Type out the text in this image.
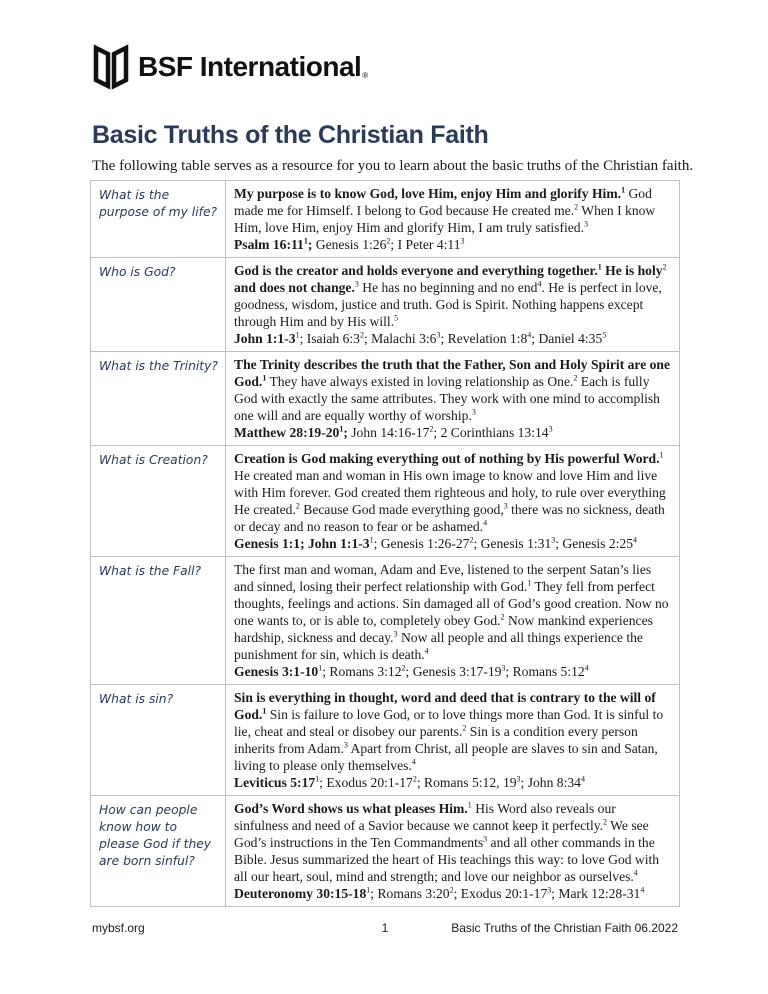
BSF International ®
Basic Truths of the Christian Faith

The following table serves as a resource for you to learn about the basic truths of the Christian faith.

What is the purpose of my life?	My purpose is to know God, love Him, enjoy Him and glorify Him.$^1$ God made me for Himself. I belong to God because He created me.$^2$ When I know Him, love Him, enjoy Him and glorify Him, I am truly satisfied.$^3$
Psalm $16:11^1$; Genesis $1:26^2$; I Peter $4:11^3$
Who is God?	God is the creator and holds everyone and everything together.$^1$ He is holy$^2$ and does not change.$^3$ He has no beginning and no end$^4$. He is perfect in love, goodness, wisdom, justice and truth. God is Spirit. Nothing happens except through Him and by His will.$^5$
John $1:1-3^1$; Isaiah $6:3^2$; Malachi $3:6^3$; Revelation $1:8^4$; Daniel $4:35^5$
What is the Trinity?	The Trinity describes the truth that the Father, Son and Holy Spirit are one God.$^1$ They have always existed in loving relationship as One.$^2$ Each is fully God with exactly the same attributes. They work with one mind to accomplish one will and are equally worthy of worship.$^3$
Matthew $28:19-20^1$; John $14:16-17^2$; 2 Corinthians $13:14^3$
What is Creation?	Creation is God making everything out of nothing by His powerful Word.$^1$ He created man and woman in His own image to know and love Him and live with Him forever. God created them righteous and holy, to rule over everything He created.$^2$ Because God made everything good,$^3$ there was no sickness, death or decay and no reason to fear or be ashamed.$^4$
Genesis 1:1; John $1:1-3^1$; Genesis $1:26-27^2$; Genesis $1:31^3$; Genesis $2:25^4$
What is the Fall?	The first man and woman, Adam and Eve, listened to the serpent Satan’s lies and sinned, losing their perfect relationship with God.$^1$ They fell from perfect thoughts, feelings and actions. Sin damaged all of God’s good creation. Now no one wants to, or is able to, completely obey God.$^2$ Now mankind experiences hardship, sickness and decay.$^3$ Now all people and all things experience the punishment for sin, which is death.$^4$
Genesis $3:1-10^1$; Romans $3:12^2$; Genesis $3:17-19^3$; Romans $5:12^4$
What is sin?	Sin is everything in thought, word and deed that is contrary to the will of God.$^1$ Sin is failure to love God, or to love things more than God. It is sinful to lie, cheat and steal or disobey our parents.$^2$ Sin is a condition every person inherits from Adam.$^3$ Apart from Christ, all people are slaves to sin and Satan, living to please only themselves.$^4$
Leviticus $5:17^1$; Exodus $20:1-17^2$; Romans 5:12, $19^3$; John $8:34^4$
How can people know how to please God if they are born sinful?	God’s Word shows us what pleases Him.$^1$ His Word also reveals our sinfulness and need of a Savior because we cannot keep it perfectly.$^2$ We see God’s instructions in the Ten Commandments$^3$ and all other commands in the Bible. Jesus summarized the heart of His teachings this way: to love God with all our heart, soul, mind and strength; and love our neighbor as ourselves.$^4$
Deuteronomy $30:15-18^1$; Romans $3:20^2$; Exodus $20:1-17^3$; Mark $12:28-31^4$
mybsf.org	1	Basic Truths of the Christian Faith 06.2022
